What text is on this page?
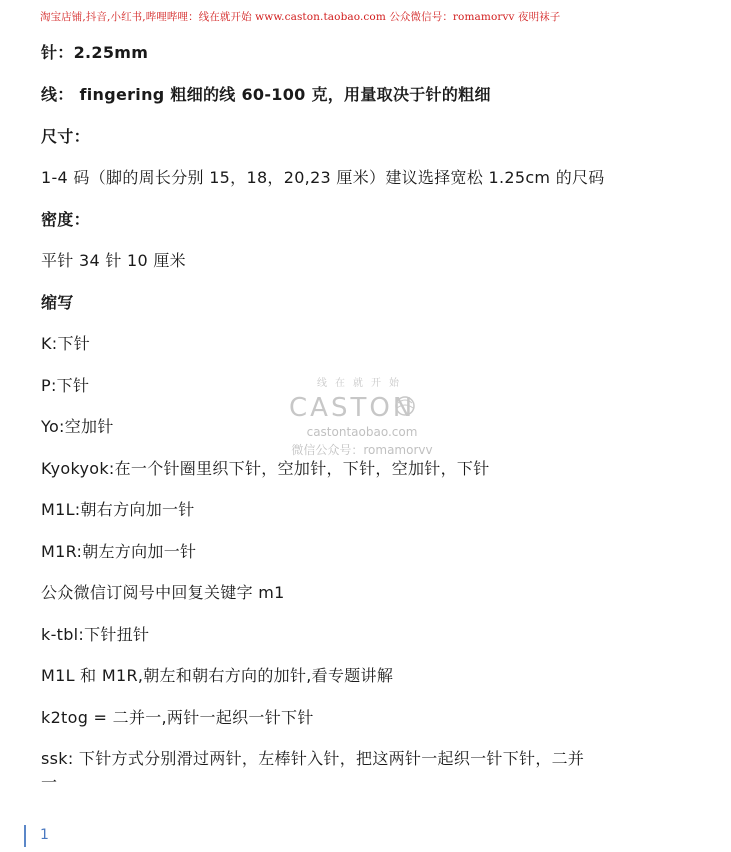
淘宝店铺,抖音,小红书,哔哩哔哩：线在就开始 www.caston.taobao.com 公众微信号：romamorvv 夜明袜子
针：2.25mm
线： fingering 粗细的线 60-100 克，用量取决于针的粗细
尺寸：
1-4 码（脚的周长分别 15，18，20,23 厘米）建议选择宽松 1.25cm 的尺码
密度：
平针 34 针 10 厘米
缩写
K:下针
P:下针
Yo:空加针
Kyokyok:在一个针圈里织下针，空加针，下针，空加针，下针
M1L:朝右方向加一针
M1R:朝左方向加一针
公众微信订阅号中回复关键字 m1
k-tbl:下针扭针
M1L 和 M1R,朝左和朝右方向的加针,看专题讲解
k2tog = 二并一,两针一起织一针下针
ssk: 下针方式分别滑过两针，左棒针入针，把这两针一起织一针下针，二并
一
线在就开始
CASTON
castontaobao.com
微信公众号：romamorvv
1
